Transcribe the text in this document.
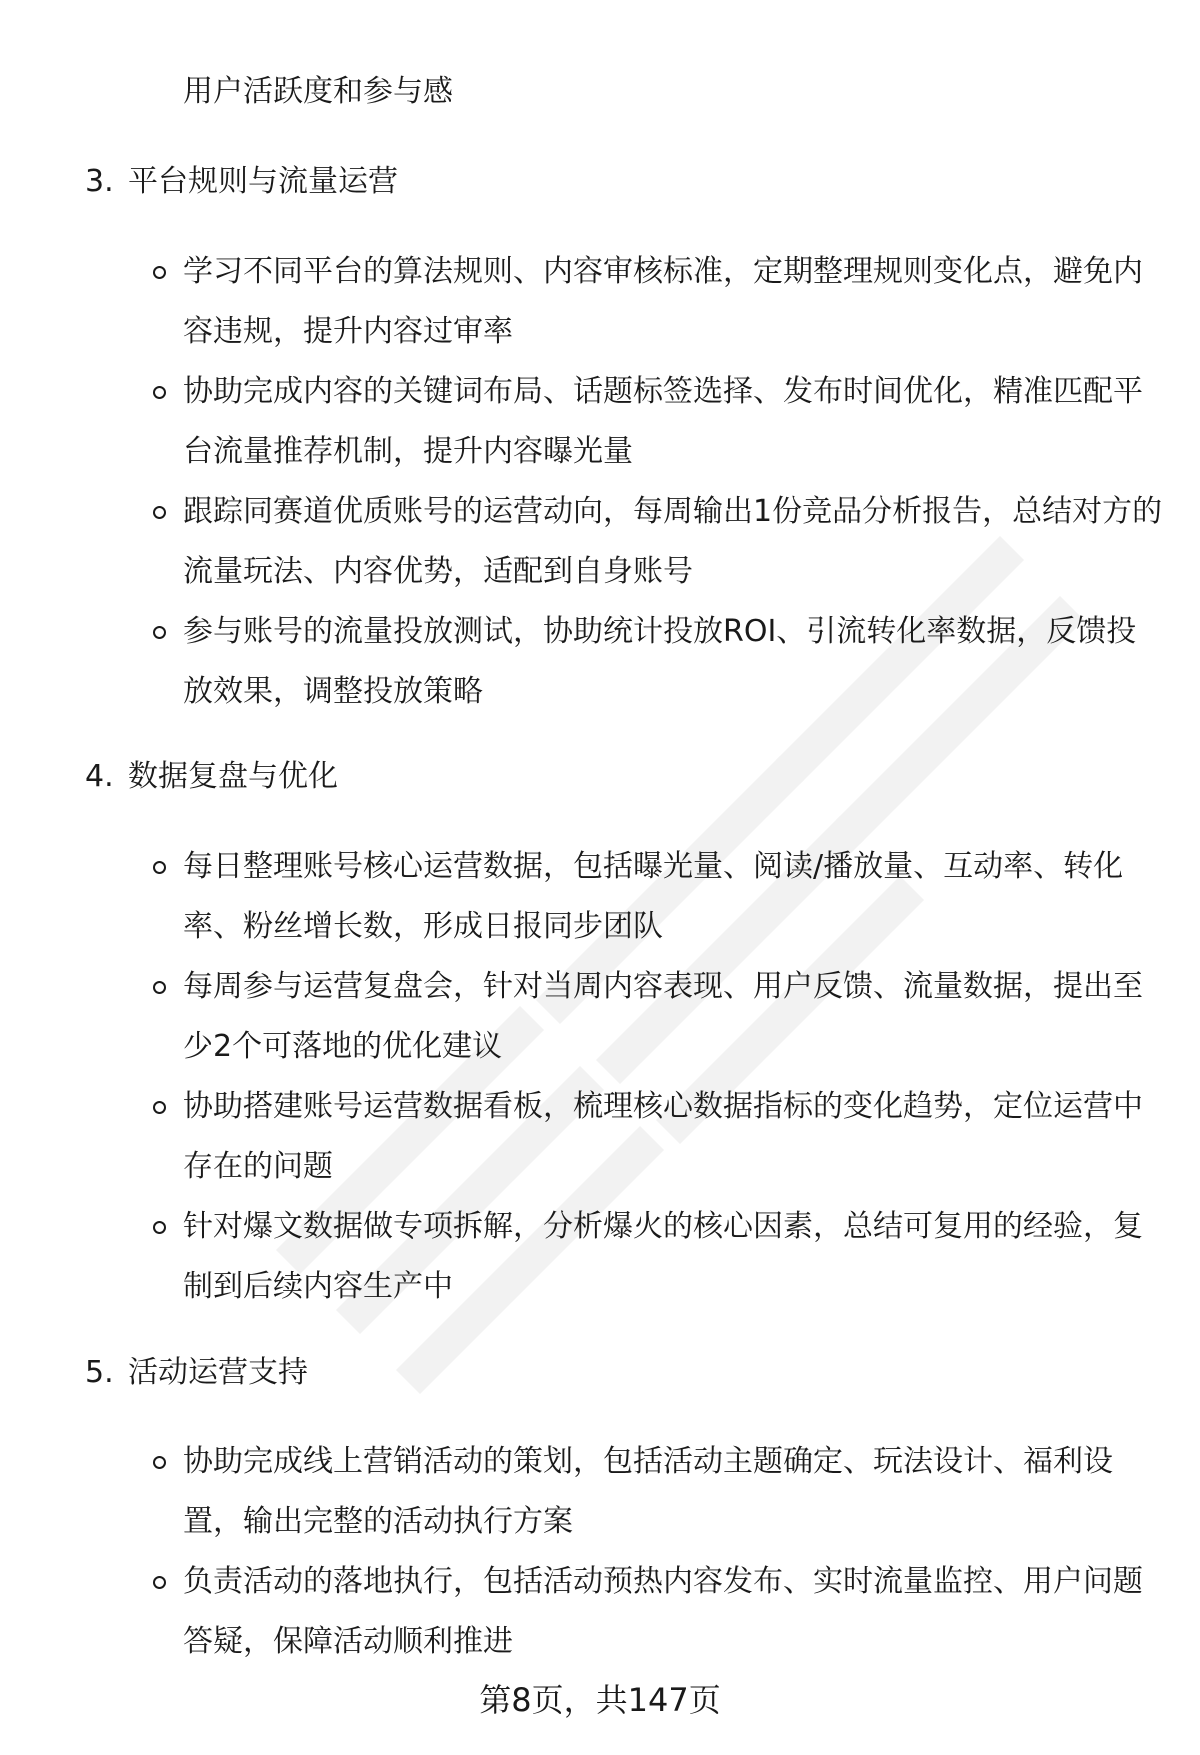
用户活跃度和参与感
3. 平台规则与流量运营
学习不同平台的算法规则、内容审核标准，定期整理规则变化点，避免内
容违规，提升内容过审率
协助完成内容的关键词布局、话题标签选择、发布时间优化，精准匹配平
台流量推荐机制，提升内容曝光量
跟踪同赛道优质账号的运营动向，每周输出1份竞品分析报告，总结对方的
流量玩法、内容优势，适配到自身账号
参与账号的流量投放测试，协助统计投放ROI、引流转化率数据，反馈投
放效果，调整投放策略
4. 数据复盘与优化
每日整理账号核心运营数据，包括曝光量、阅读/播放量、互动率、转化
率、粉丝增长数，形成日报同步团队
每周参与运营复盘会，针对当周内容表现、用户反馈、流量数据，提出至
少2个可落地的优化建议
协助搭建账号运营数据看板，梳理核心数据指标的变化趋势，定位运营中
存在的问题
针对爆文数据做专项拆解，分析爆火的核心因素，总结可复用的经验，复
制到后续内容生产中
5. 活动运营支持
协助完成线上营销活动的策划，包括活动主题确定、玩法设计、福利设
置，输出完整的活动执行方案
负责活动的落地执行，包括活动预热内容发布、实时流量监控、用户问题
答疑，保障活动顺利推进
第8页，共147页
